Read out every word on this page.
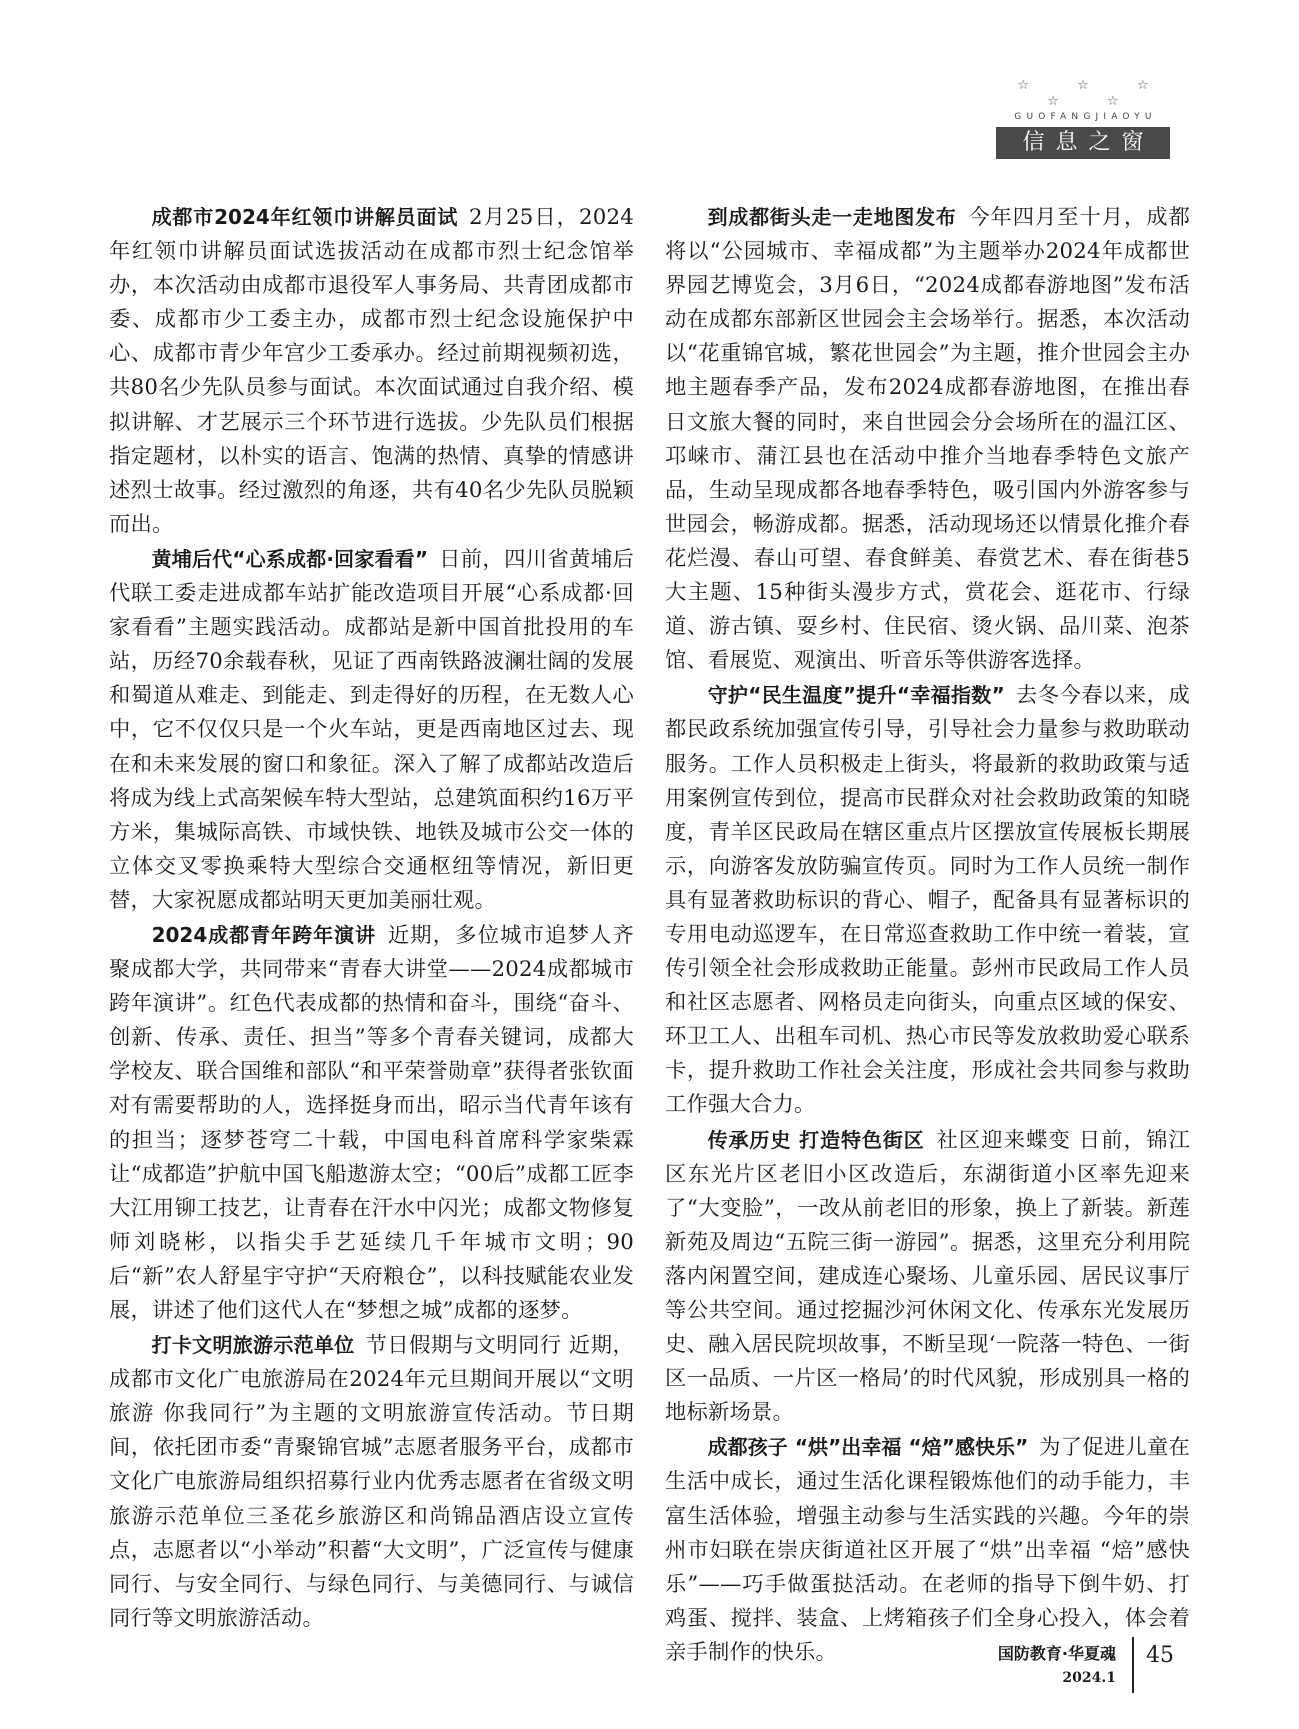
☆ ☆ ☆ ☆ ☆
GUOFANGJIAOYU
信息之窗

成都市2024年红领巾讲解员面试  2月25日，2024年红领巾讲解员面试选拔活动在成都市烈士纪念馆举办，本次活动由成都市退役军人事务局、共青团成都市委、成都市少工委主办，成都市烈士纪念设施保护中心、成都市青少年宫少工委承办。经过前期视频初选，共80名少先队员参与面试。本次面试通过自我介绍、模拟讲解、才艺展示三个环节进行选拔。少先队员们根据指定题材，以朴实的语言、饱满的热情、真挚的情感讲述烈士故事。经过激烈的角逐，共有40名少先队员脱颖而出。

黄埔后代“心系成都·回家看看”  日前，四川省黄埔后代联工委走进成都车站扩能改造项目开展“心系成都·回家看看”主题实践活动。成都站是新中国首批投用的车站，历经70余载春秋，见证了西南铁路波澜壮阔的发展和蜀道从难走、到能走、到走得好的历程，在无数人心中，它不仅仅只是一个火车站，更是西南地区过去、现在和未来发展的窗口和象征。深入了解了成都站改造后将成为线上式高架候车特大型站，总建筑面积约16万平方米，集城际高铁、市域快铁、地铁及城市公交一体的立体交叉零换乘特大型综合交通枢纽等情况，新旧更替，大家祝愿成都站明天更加美丽壮观。

2024成都青年跨年演讲  近期，多位城市追梦人齐聚成都大学，共同带来“青春大讲堂——2024成都城市跨年演讲”。红色代表成都的热情和奋斗，围绕“奋斗、创新、传承、责任、担当”等多个青春关键词，成都大学校友、联合国维和部队“和平荣誉勋章”获得者张钦面对有需要帮助的人，选择挺身而出，昭示当代青年该有的担当；逐梦苍穹二十载，中国电科首席科学家柴霖让“成都造”护航中国飞船遨游太空；“00后”成都工匠李大江用铆工技艺，让青春在汗水中闪光；成都文物修复师刘晓彬，以指尖手艺延续几千年城市文明；90后“新”农人舒星宇守护“天府粮仓”，以科技赋能农业发展，讲述了他们这代人在“梦想之城”成都的逐梦。

打卡文明旅游示范单位  节日假期与文明同行 近期，成都市文化广电旅游局在2024年元旦期间开展以“文明旅游 你我同行”为主题的文明旅游宣传活动。节日期间，依托团市委“青聚锦官城”志愿者服务平台，成都市文化广电旅游局组织招募行业内优秀志愿者在省级文明旅游示范单位三圣花乡旅游区和尚锦品酒店设立宣传点，志愿者以“小举动”积蓄“大文明”，广泛宣传与健康同行、与安全同行、与绿色同行、与美德同行、与诚信同行等文明旅游活动。

到成都街头走一走地图发布  今年四月至十月，成都将以“公园城市、幸福成都”为主题举办2024年成都世界园艺博览会，3月6日，“2024成都春游地图”发布活动在成都东部新区世园会主会场举行。据悉，本次活动以“花重锦官城，繁花世园会”为主题，推介世园会主办地主题春季产品，发布2024成都春游地图，在推出春日文旅大餐的同时，来自世园会分会场所在的温江区、邛崃市、蒲江县也在活动中推介当地春季特色文旅产品，生动呈现成都各地春季特色，吸引国内外游客参与世园会，畅游成都。据悉，活动现场还以情景化推介春花烂漫、春山可望、春食鲜美、春赏艺术、春在街巷5大主题、15种街头漫步方式，赏花会、逛花市、行绿道、游古镇、耍乡村、住民宿、烫火锅、品川菜、泡茶馆、看展览、观演出、听音乐等供游客选择。

守护“民生温度”提升“幸福指数”  去冬今春以来，成都民政系统加强宣传引导，引导社会力量参与救助联动服务。工作人员积极走上街头，将最新的救助政策与适用案例宣传到位，提高市民群众对社会救助政策的知晓度，青羊区民政局在辖区重点片区摆放宣传展板长期展示，向游客发放防骗宣传页。同时为工作人员统一制作具有显著救助标识的背心、帽子，配备具有显著标识的专用电动巡逻车，在日常巡查救助工作中统一着装，宣传引领全社会形成救助正能量。彭州市民政局工作人员和社区志愿者、网格员走向街头，向重点区域的保安、环卫工人、出租车司机、热心市民等发放救助爱心联系卡，提升救助工作社会关注度，形成社会共同参与救助工作强大合力。

传承历史 打造特色街区  社区迎来蝶变 日前，锦江区东光片区老旧小区改造后，东湖街道小区率先迎来了“大变脸”，一改从前老旧的形象，换上了新装。新莲新苑及周边“五院三街一游园”。据悉，这里充分利用院落内闲置空间，建成连心聚场、儿童乐园、居民议事厅等公共空间。通过挖掘沙河休闲文化、传承东光发展历史、融入居民院坝故事，不断呈现‘一院落一特色、一街区一品质、一片区一格局’的时代风貌，形成别具一格的地标新场景。

成都孩子 “烘”出幸福 “焙”感快乐”  为了促进儿童在生活中成长，通过生活化课程锻炼他们的动手能力，丰富生活体验，增强主动参与生活实践的兴趣。今年的崇州市妇联在崇庆街道社区开展了“烘”出幸福 “焙”感快乐”——巧手做蛋挞活动。在老师的指导下倒牛奶、打鸡蛋、搅拌、装盒、上烤箱孩子们全身心投入，体会着亲手制作的快乐。	国防教育·华夏魂
2024.1
45
